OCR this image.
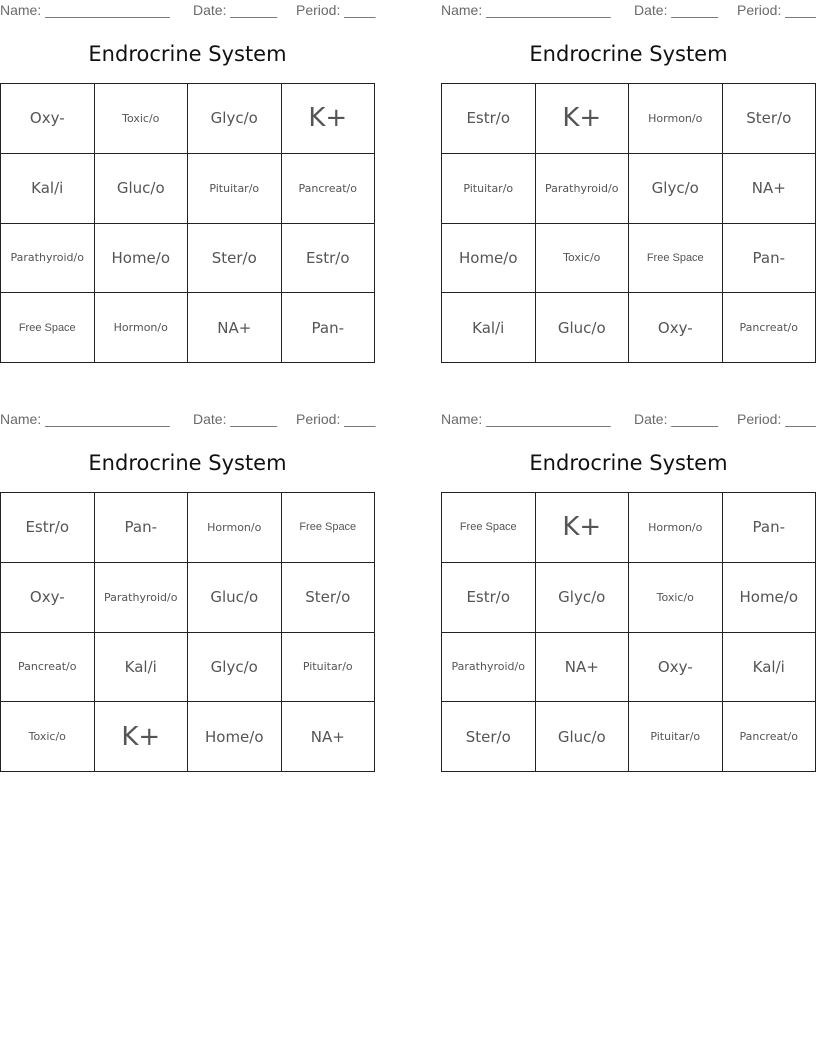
Name: ________________ Date: ______ Period: ____
Endrocrine System
Oxy-	Toxic/o	Glyc/o	K+
Kal/i	Gluc/o	Pituitar/o	Pancreat/o
Parathyroid/o	Home/o	Ster/o	Estr/o
Free Space	Hormon/o	NA+	Pan-
Name: ________________ Date: ______ Period: ____
Endrocrine System
Estr/o	K+	Hormon/o	Ster/o
Pituitar/o	Parathyroid/o	Glyc/o	NA+
Home/o	Toxic/o	Free Space	Pan-
Kal/i	Gluc/o	Oxy-	Pancreat/o
Name: ________________ Date: ______ Period: ____
Endrocrine System
Estr/o	Pan-	Hormon/o	Free Space
Oxy-	Parathyroid/o	Gluc/o	Ster/o
Pancreat/o	Kal/i	Glyc/o	Pituitar/o
Toxic/o	K+	Home/o	NA+
Name: ________________ Date: ______ Period: ____
Endrocrine System
Free Space	K+	Hormon/o	Pan-
Estr/o	Glyc/o	Toxic/o	Home/o
Parathyroid/o	NA+	Oxy-	Kal/i
Ster/o	Gluc/o	Pituitar/o	Pancreat/o
